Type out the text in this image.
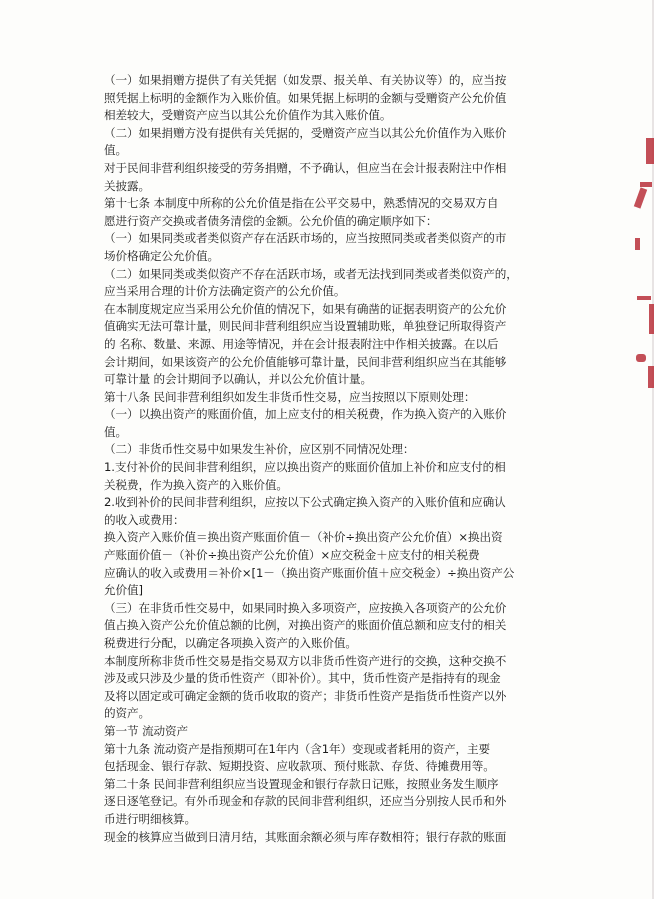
（一）如果捐赠方提供了有关凭据（如发票、报关单、有关协议等）的，应当按

照凭据上标明的金额作为入账价值。如果凭据上标明的金额与受赠资产公允价值

相差较大，受赠资产应当以其公允价值作为其入账价值。

（二）如果捐赠方没有提供有关凭据的，受赠资产应当以其公允价值作为入账价

值。

对于民间非营利组织接受的劳务捐赠，不予确认，但应当在会计报表附注中作相

关披露。

第十七条 本制度中所称的公允价值是指在公平交易中，熟悉情况的交易双方自

愿进行资产交换或者债务清偿的金额。公允价值的确定顺序如下：

（一）如果同类或者类似资产存在活跃市场的，应当按照同类或者类似资产的市

场价格确定公允价值。

（二）如果同类或类似资产不存在活跃市场，或者无法找到同类或者类似资产的，

应当采用合理的计价方法确定资产的公允价值。

在本制度规定应当采用公允价值的情况下，如果有确凿的证据表明资产的公允价

值确实无法可靠计量，则民间非营利组织应当设置辅助账，单独登记所取得资产

的 名称、数量、来源、用途等情况，并在会计报表附注中作相关披露。在以后

会计期间，如果该资产的公允价值能够可靠计量，民间非营利组织应当在其能够

可靠计量 的会计期间予以确认，并以公允价值计量。

第十八条 民间非营利组织如发生非货币性交易，应当按照以下原则处理：

（一）以换出资产的账面价值，加上应支付的相关税费，作为换入资产的入账价

值。

（二）非货币性交易中如果发生补价，应区别不同情况处理：

1.支付补价的民间非营利组织，应以换出资产的账面价值加上补价和应支付的相

关税费，作为换入资产的入账价值。

2.收到补价的民间非营利组织，应按以下公式确定换入资产的入账价值和应确认

的收入或费用：

换入资产入账价值＝换出资产账面价值－（补价÷换出资产公允价值）×换出资

产账面价值－（补价÷换出资产公允价值）×应交税金＋应支付的相关税费

应确认的收入或费用＝补价×[1－（换出资产账面价值＋应交税金）÷换出资产公

允价值]

（三）在非货币性交易中，如果同时换入多项资产，应按换入各项资产的公允价

值占换入资产公允价值总额的比例，对换出资产的账面价值总额和应支付的相关

税费进行分配，以确定各项换入资产的入账价值。

本制度所称非货币性交易是指交易双方以非货币性资产进行的交换，这种交换不

涉及或只涉及少量的货币性资产（即补价）。其中，货币性资产是指持有的现金

及将以固定或可确定金额的货币收取的资产；非货币性资产是指货币性资产以外

的资产。

第一节 流动资产

第十九条 流动资产是指预期可在1年内（含1年）变现或者耗用的资产，主要

包括现金、银行存款、短期投资、应收款项、预付账款、存货、待摊费用等。

第二十条 民间非营利组织应当设置现金和银行存款日记账，按照业务发生顺序

逐日逐笔登记。有外币现金和存款的民间非营利组织，还应当分别按人民币和外

币进行明细核算。

现金的核算应当做到日清月结，其账面余额必须与库存数相符；银行存款的账面
